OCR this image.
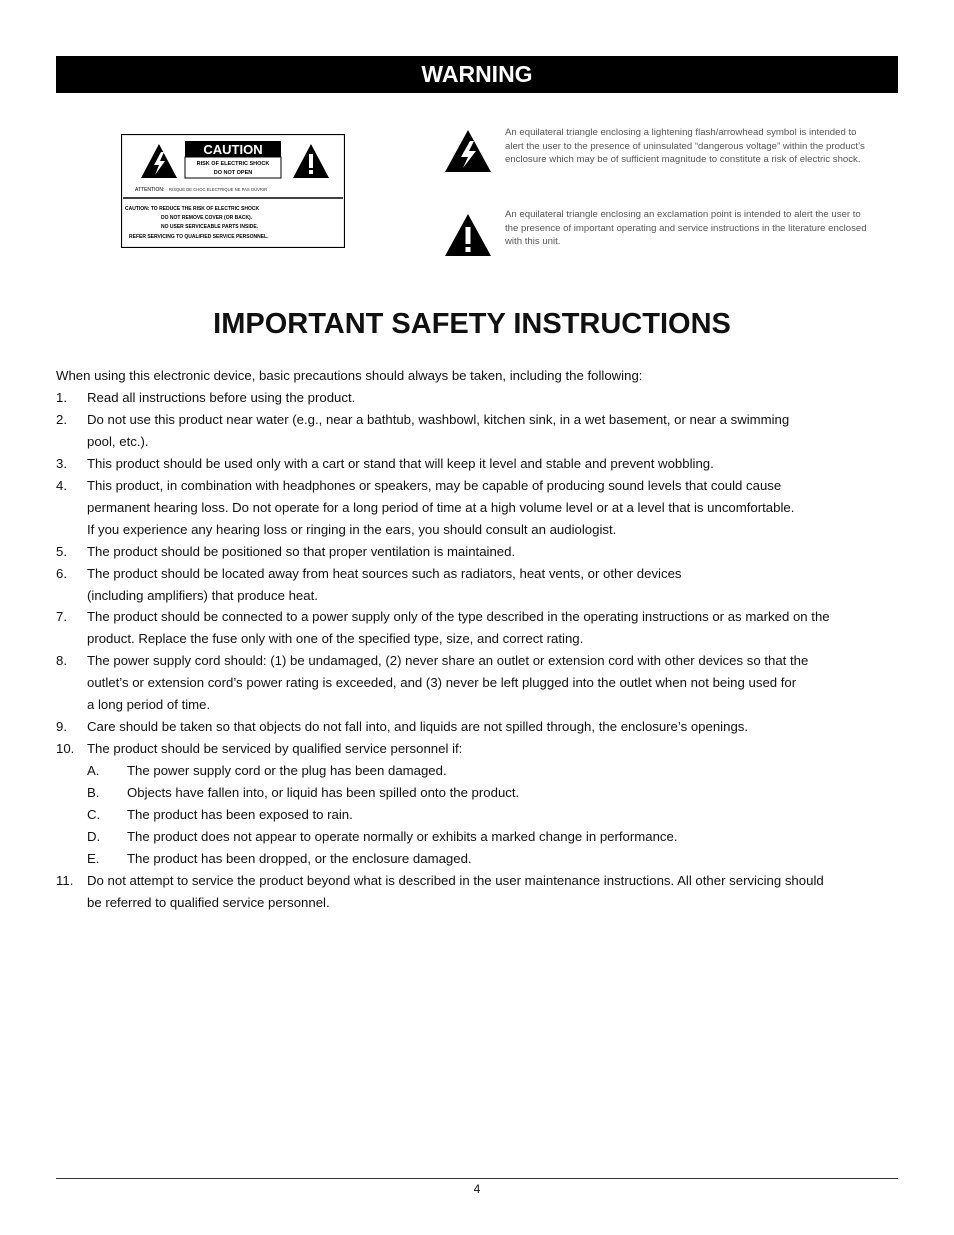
WARNING
CAUTION
RISK OF ELECTRIC SHOCK
DO NOT OPEN
ATTENTION: RISQUE DE CHOC ELECTRIQUE NE PAS OUVRIR
CAUTION: TO REDUCE THE RISK OF ELECTRIC SHOCK
DO NOT REMOVE COVER (OR BACK).
NO USER SERVICEABLE PARTS INSIDE.
REFER SERVICING TO QUALIFIED SERVICE PERSONNEL.
An equilateral triangle enclosing a lightening flash/arrowhead symbol is intended to alert the user to the presence of uninsulated “dangerous voltage” within the product’s enclosure which may be of sufficient magnitude to constitute a risk of electric shock.
An equilateral triangle enclosing an exclamation point is intended to alert the user to the presence of important operating and service instructions in the literature enclosed with this unit.
IMPORTANT SAFETY INSTRUCTIONS

When using this electronic device, basic precautions should always be taken, including the following:

1. Read all instructions before using the product.
2. Do not use this product near water (e.g., near a bathtub, washbowl, kitchen sink, in a wet basement, or near a swimming
pool, etc.).
3. This product should be used only with a cart or stand that will keep it level and stable and prevent wobbling.
4. This product, in combination with headphones or speakers, may be capable of producing sound levels that could cause
permanent hearing loss. Do not operate for a long period of time at a high volume level or at a level that is uncomfortable.
If you experience any hearing loss or ringing in the ears, you should consult an audiologist.
5. The product should be positioned so that proper ventilation is maintained.
6. The product should be located away from heat sources such as radiators, heat vents, or other devices
(including amplifiers) that produce heat.
7. The product should be connected to a power supply only of the type described in the operating instructions or as marked on the
product. Replace the fuse only with one of the specified type, size, and correct rating.
8. The power supply cord should: (1) be undamaged, (2) never share an outlet or extension cord with other devices so that the
outlet’s or extension cord’s power rating is exceeded, and (3) never be left plugged into the outlet when not being used for
a long period of time.
9. Care should be taken so that objects do not fall into, and liquids are not spilled through, the enclosure’s openings.
10. The product should be serviced by qualified service personnel if:
A. The power supply cord or the plug has been damaged.
B. Objects have fallen into, or liquid has been spilled onto the product.
C. The product has been exposed to rain.
D. The product does not appear to operate normally or exhibits a marked change in performance.
E. The product has been dropped, or the enclosure damaged.
11. Do not attempt to service the product beyond what is described in the user maintenance instructions. All other servicing should
be referred to qualified service personnel.
4
